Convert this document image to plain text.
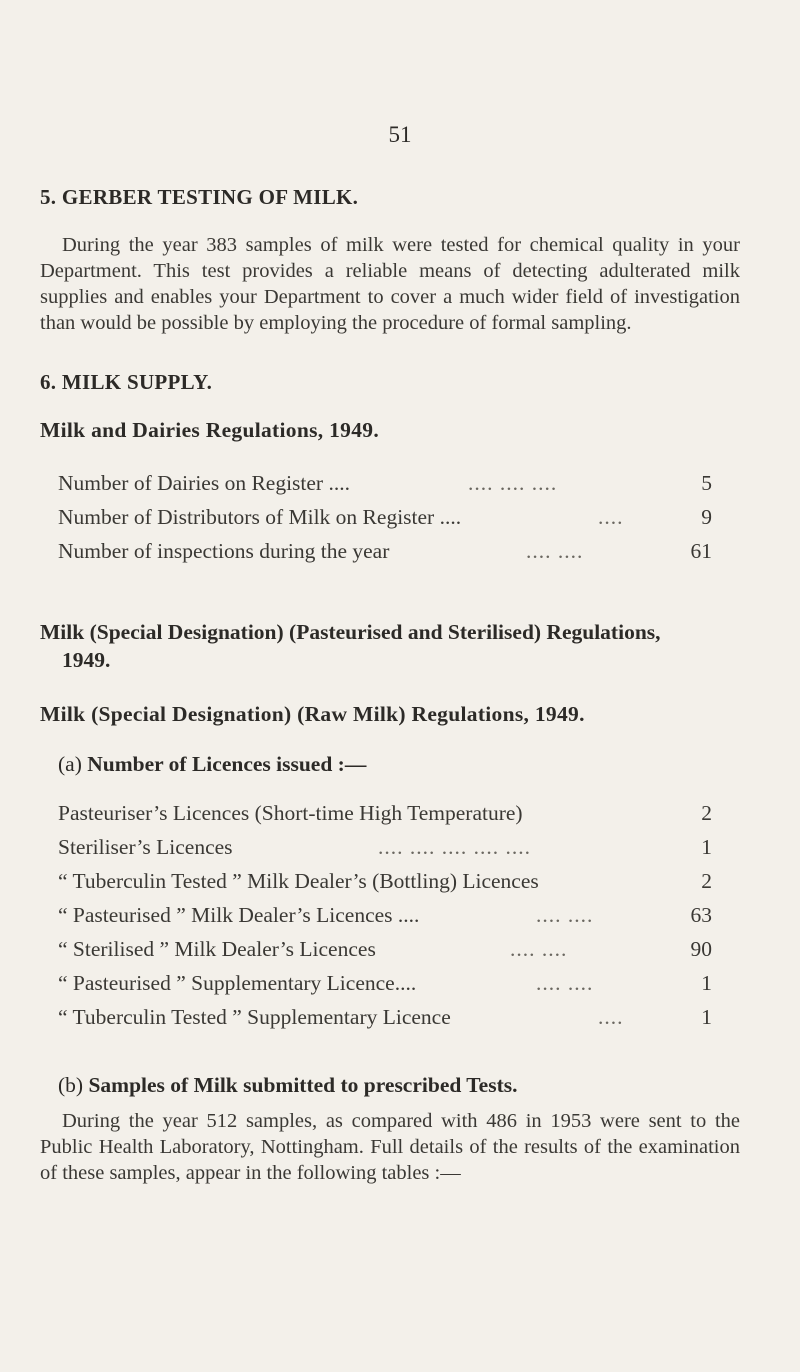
51
5. GERBER TESTING OF MILK.
During the year 383 samples of milk were tested for chemical quality in your Department. This test provides a reliable means of detecting adulterated milk supplies and enables your Department to cover a much wider field of investigation than would be possible by employing the procedure of formal sampling.
6. MILK SUPPLY.
Milk and Dairies Regulations, 1949.
Number of Dairies on Register ....	.... .... ....	5
Number of Distributors of Milk on Register ....	....	9
Number of inspections during the year	.... ....	61
Milk (Special Designation) (Pasteurised and Sterilised) Regulations,
1949.
Milk (Special Designation) (Raw Milk) Regulations, 1949.
(a) Number of Licences issued :—
Pasteuriser’s Licences (Short-time High Temperature)	2
Steriliser’s Licences	.... .... .... .... ....	1
“ Tuberculin Tested ” Milk Dealer’s (Bottling) Licences	2
“ Pasteurised ” Milk Dealer’s Licences ....	.... ....	63
“ Sterilised ” Milk Dealer’s Licences	.... ....	90
“ Pasteurised ” Supplementary Licence....	.... ....	1
“ Tuberculin Tested ” Supplementary Licence	....	1
(b) Samples of Milk submitted to prescribed Tests.
During the year 512 samples, as compared with 486 in 1953 were sent to the Public Health Laboratory, Nottingham. Full details of the results of the examination of these samples, appear in the following tables :—
